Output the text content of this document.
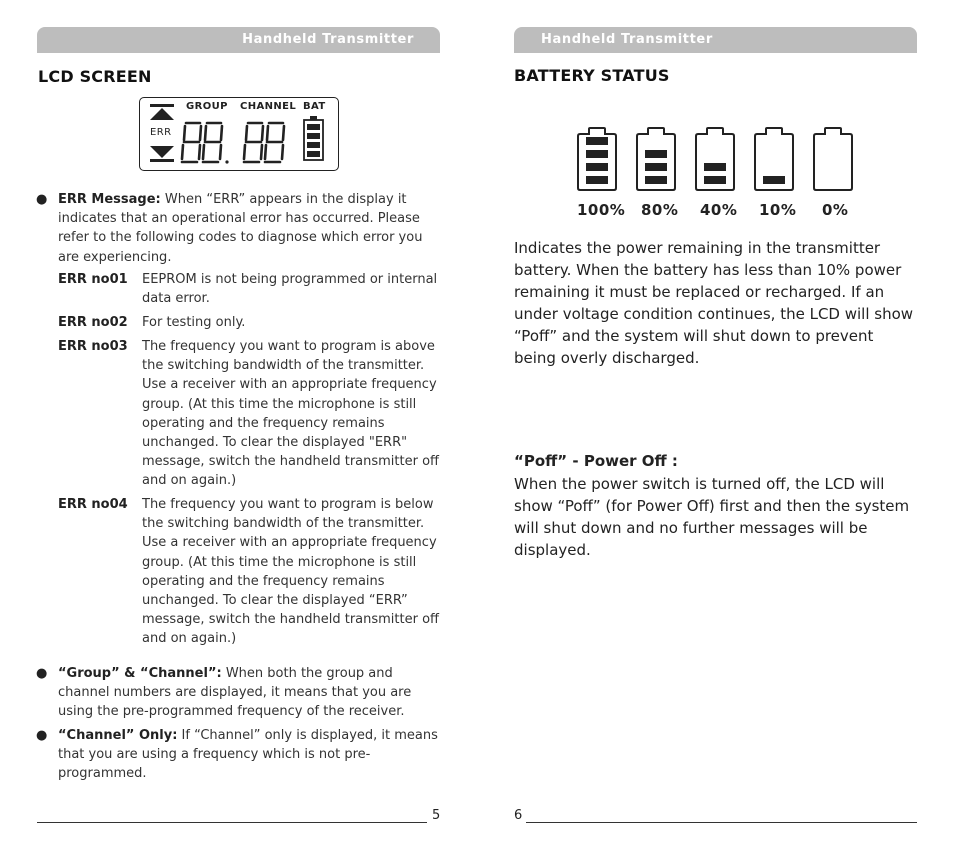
Handheld Transmitter
LCD SCREEN
GROUP CHANNEL BAT
ERR
● ERR Message: When “ERR” appears in the display it indicates that an operational error has occurred. Please refer to the following codes to diagnose which error you are experiencing.
ERR no01 EEPROM is not being programmed or internal data error.
ERR no02 For testing only.
ERR no03 The frequency you want to program is above the switching bandwidth of the transmitter. Use a receiver with an appropriate frequency group. (At this time the microphone is still operating and the frequency remains unchanged. To clear the displayed "ERR" message, switch the handheld transmitter off and on again.)
ERR no04 The frequency you want to program is below the switching bandwidth of the transmitter. Use a receiver with an appropriate frequency group. (At this time the microphone is still operating and the frequency remains unchanged. To clear the displayed “ERR” message, switch the handheld transmitter off and on again.)
● “Group” & “Channel”: When both the group and channel numbers are displayed, it means that you are using the pre-programmed frequency of the receiver.
● “Channel” Only: If “Channel” only is displayed, it means that you are using a frequency which is not pre-programmed.
5
Handheld Transmitter
BATTERY STATUS
100% 80% 40% 10% 0%
Indicates the power remaining in the transmitter battery. When the battery has less than 10% power remaining it must be replaced or recharged. If an under voltage condition continues, the LCD will show “Poff” and the system will shut down to prevent being overly discharged.
“Poff” - Power Off :
When the power switch is turned off, the LCD will show “Poff” (for Power Off) first and then the system will shut down and no further messages will be displayed.
6
